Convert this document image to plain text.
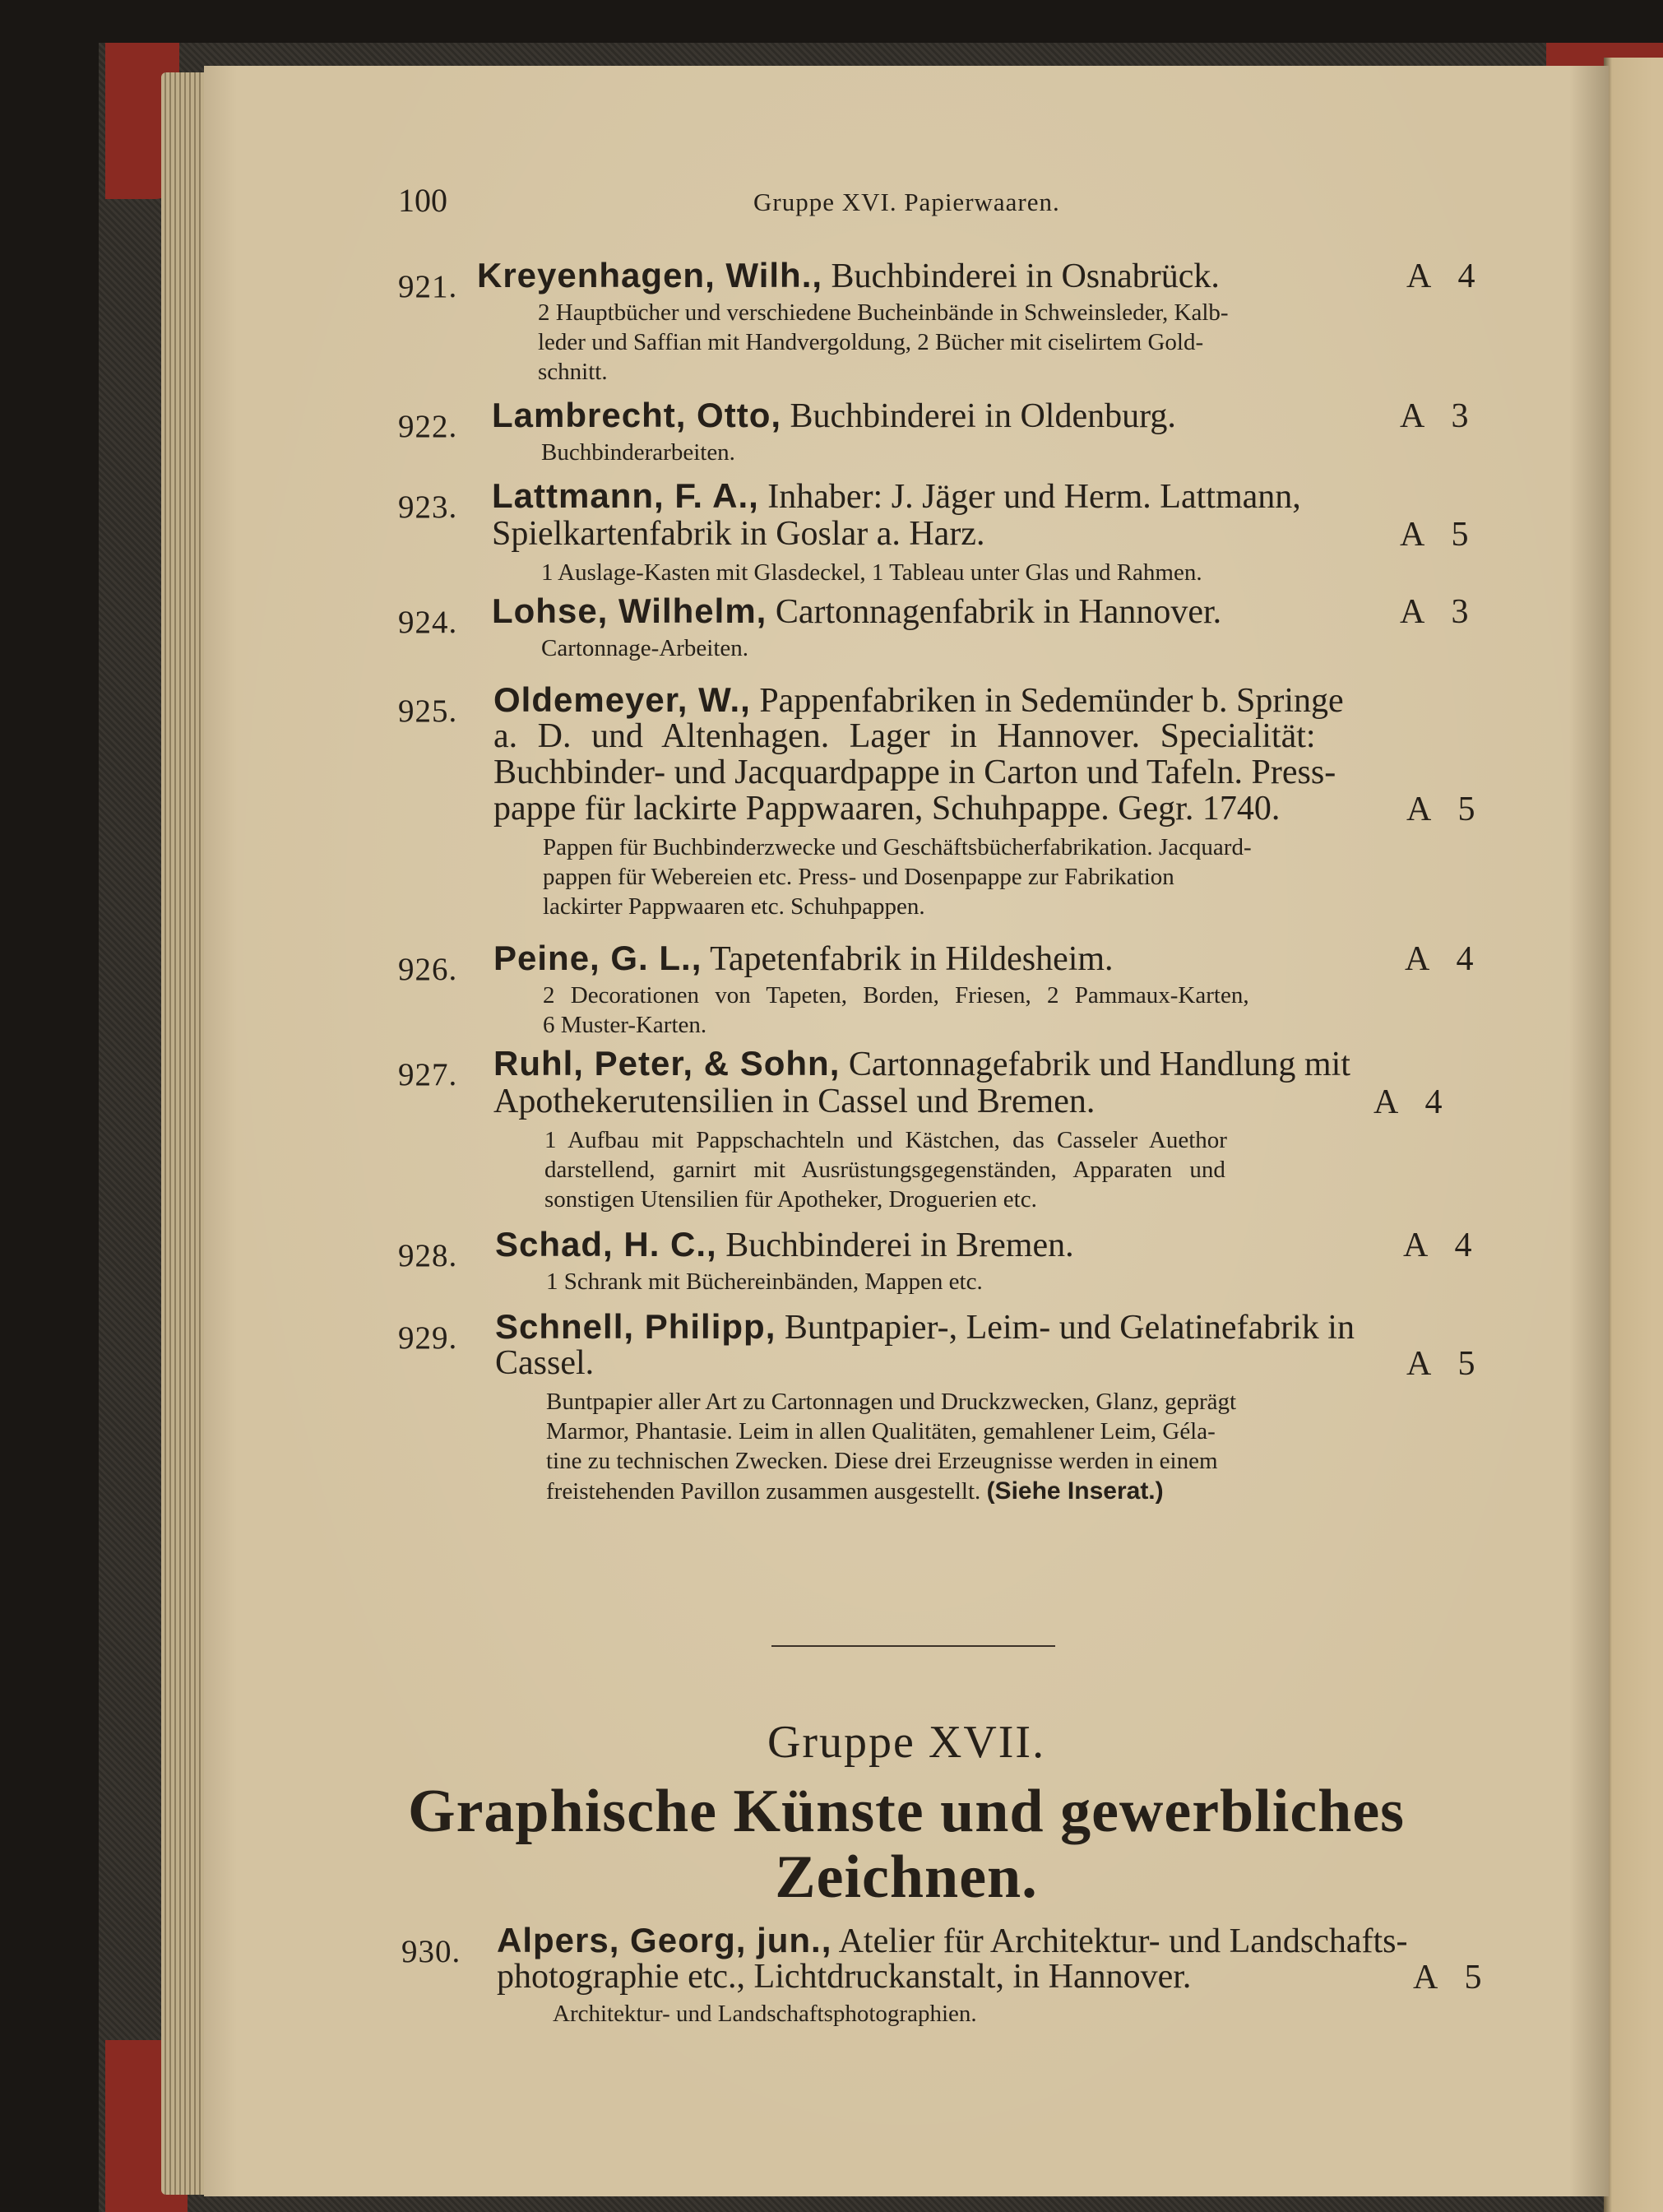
100	Gruppe XVI. Papierwaaren.
921. Kreyenhagen, Wilh., Buchbinderei in Osnabrück.	A 4
2 Hauptbücher und verschiedene Bucheinbände in Schweinsleder, Kalb-
leder und Saffian mit Handvergoldung, 2 Bücher mit ciselirtem Gold-
schnitt.
922. Lambrecht, Otto, Buchbinderei in Oldenburg.	A 3
Buchbinderarbeiten.
923. Lattmann, F. A., Inhaber: J. Jäger und Herm. Lattmann,
Spielkartenfabrik in Goslar a. Harz.	A 5
1 Auslage-Kasten mit Glasdeckel, 1 Tableau unter Glas und Rahmen.
924. Lohse, Wilhelm, Cartonnagenfabrik in Hannover.	A 3
Cartonnage-Arbeiten.
925. Oldemeyer, W., Pappenfabriken in Sedemünder b. Springe
a. D. und Altenhagen. Lager in Hannover. Specialität:
Buchbinder- und Jacquardpappe in Carton und Tafeln. Press-
pappe für lackirte Pappwaaren, Schuhpappe. Gegr. 1740.	A 5
Pappen für Buchbinderzwecke und Geschäftsbücherfabrikation. Jacquard-
pappen für Webereien etc. Press- und Dosenpappe zur Fabrikation
lackirter Pappwaaren etc. Schuhpappen.
926. Peine, G. L., Tapetenfabrik in Hildesheim.	A 4
2 Decorationen von Tapeten, Borden, Friesen, 2 Pammaux-Karten,
6 Muster-Karten.
927. Ruhl, Peter, & Sohn, Cartonnagefabrik und Handlung mit
Apothekerutensilien in Cassel und Bremen.	A 4
1 Aufbau mit Pappschachteln und Kästchen, das Casseler Auethor
darstellend, garnirt mit Ausrüstungsgegenständen, Apparaten und
sonstigen Utensilien für Apotheker, Droguerien etc.
928. Schad, H. C., Buchbinderei in Bremen.	A 4
1 Schrank mit Büchereinbänden, Mappen etc.
929. Schnell, Philipp, Buntpapier-, Leim- und Gelatinefabrik in
Cassel.	A 5
Buntpapier aller Art zu Cartonnagen und Druckzwecken, Glanz, geprägt
Marmor, Phantasie. Leim in allen Qualitäten, gemahlener Leim, Géla-
tine zu technischen Zwecken. Diese drei Erzeugnisse werden in einem
freistehenden Pavillon zusammen ausgestellt. (Siehe Inserat.)
Gruppe XVII.
Graphische Künste und gewerbliches
Zeichnen.
930. Alpers, Georg, jun., Atelier für Architektur- und Landschafts-
photographie etc., Lichtdruckanstalt, in Hannover.	A 5
Architektur- und Landschaftsphotographien.
